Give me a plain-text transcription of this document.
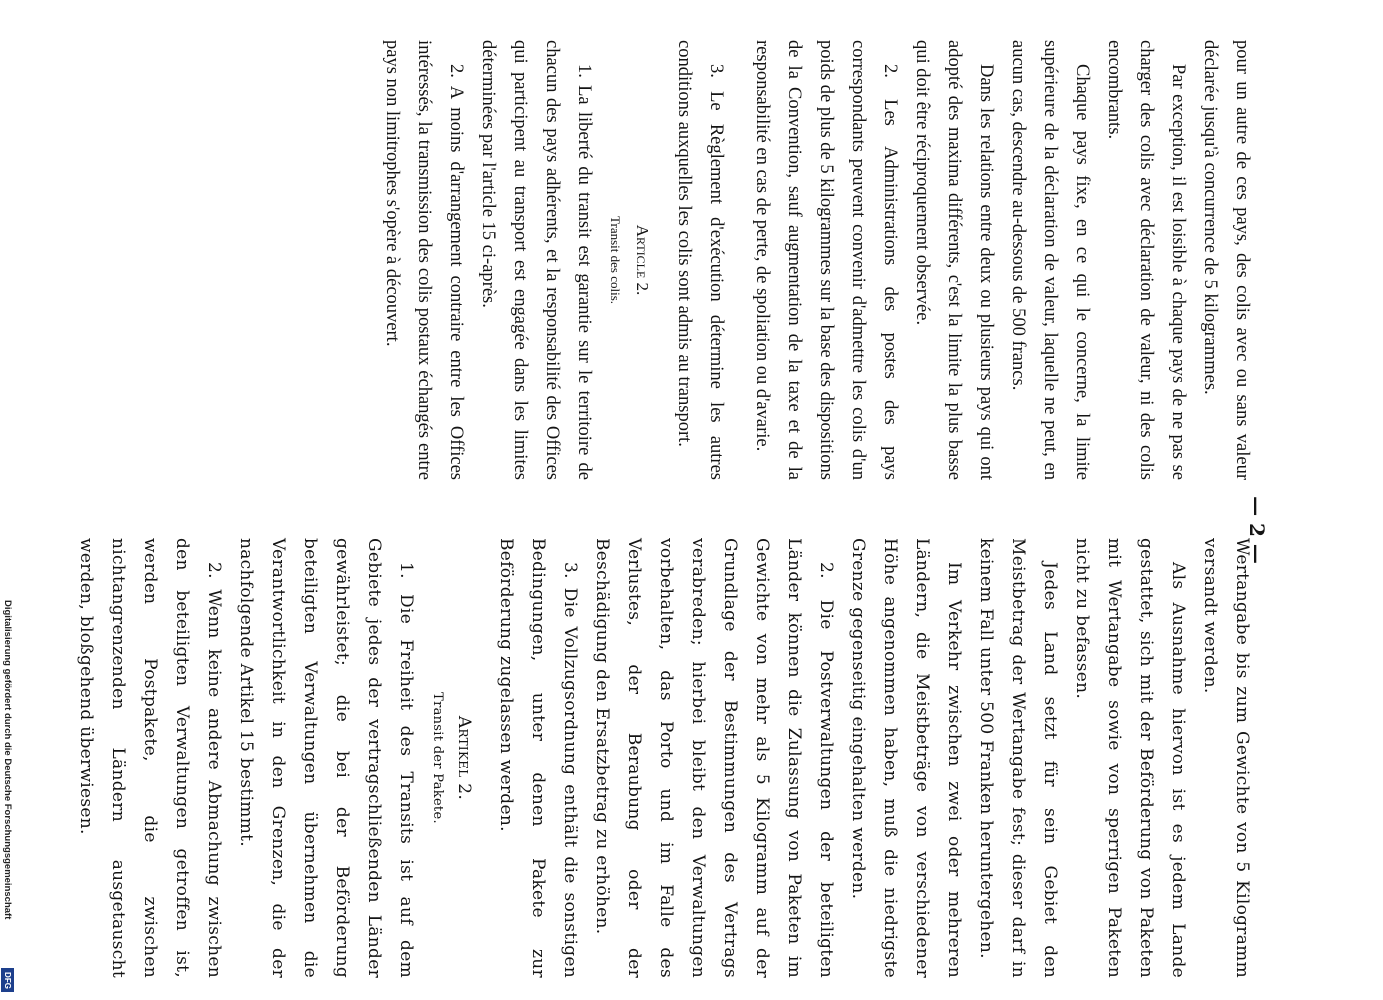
— 2 —

pour un autre de ces pays, des colis avec ou sans valeur déclarée jusqu'à concurrence de 5 kilogrammes.

Par exception, il est loisible à chaque pays de ne pas se charger des colis avec déclaration de valeur, ni des colis encombrants.

Chaque pays fixe, en ce qui le concerne, la limite supérieure de la déclaration de valeur, laquelle ne peut, en aucun cas, descendre au-dessous de 500 francs.

Dans les relations entre deux ou plusieurs pays qui ont adopté des maxima différents, c'est la limite la plus basse qui doit être réciproquement observée.

2. Les Administrations des postes des pays correspondants peuvent convenir d'admettre les colis d'un poids de plus de 5 kilogrammes sur la base des dispositions de la Convention, sauf augmentation de la taxe et de la responsabilité en cas de perte, de spoliation ou d'avarie.

3. Le Règlement d'exécution détermine les autres conditions auxquelles les colis sont admis au transport.

Article 2.
Transit des colis.

1. La liberté du transit est garantie sur le territoire de chacun des pays adhérents, et la responsabilité des Offices qui participent au transport est engagée dans les limites déterminées par l'article 15 ci-après.

2. A moins d'arrangement contraire entre les Offices intéressés, la transmission des colis postaux échangés entre pays non limitrophes s'opère à découvert.

Wertangabe bis zum Gewichte von 5 Kilogramm versandt werden.

Als Ausnahme hiervon ist es jedem Lande gestattet, sich mit der Beförderung von Paketen mit Wertangabe sowie von sperrigen Paketen nicht zu befassen.

Jedes Land setzt für sein Gebiet den Meistbetrag der Wertangabe fest; dieser darf in keinem Fall unter 500 Franken heruntergehen.

Im Verkehr zwischen zwei oder mehreren Ländern, die Meistbeträge von verschiedener Höhe angenommen haben, muß die niedrigste Grenze gegenseitig eingehalten werden.

2. Die Postverwaltungen der beteiligten Länder können die Zulassung von Paketen im Gewichte von mehr als 5 Kilogramm auf der Grundlage der Bestimmungen des Vertrags verabreden; hierbei bleibt den Verwaltungen vorbehalten, das Porto und im Falle des Verlustes, der Beraubung oder der Beschädigung den Ersatzbetrag zu erhöhen.

3. Die Vollzugsordnung enthält die sonstigen Bedingungen, unter denen Pakete zur Beförderung zugelassen werden.

Artikel 2.
Transit der Pakete.

1. Die Freiheit des Transits ist auf dem Gebiete jedes der vertragschließenden Länder gewährleistet; die bei der Beförderung beteiligten Verwaltungen übernehmen die Verantwortlichkeit in den Grenzen, die der nachfolgende Artikel 15 bestimmt.

2. Wenn keine andere Abmachung zwischen den beteiligten Verwaltungen getroffen ist, werden Postpakete, die zwischen nichtangrenzenden Ländern ausgetauscht werden, bloßgehend überwiesen.

Digitalisierung gefördert durch die Deutsche Forschungsgemeinschaft
DFG
